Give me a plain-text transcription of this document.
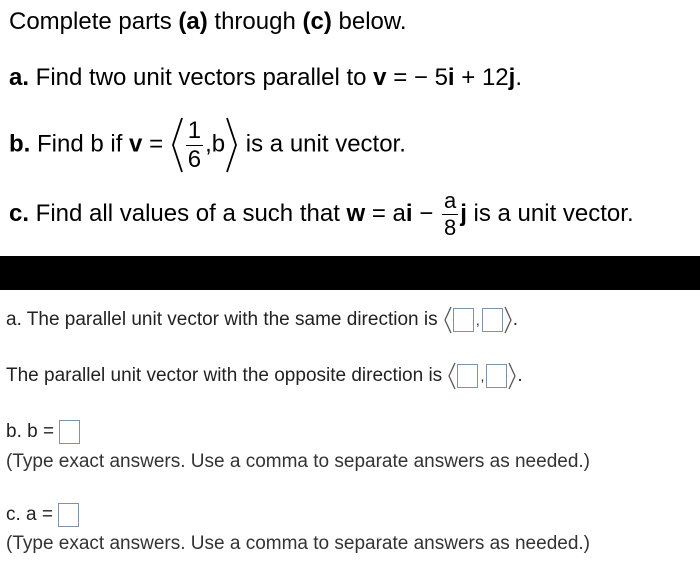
Complete parts (a) through (c) below.
a. Find two unit vectors parallel to v = − 5i + 12j.
b. Find b if $v = \frac{1}{6} ,b$ is a unit vector.
c. Find all values of a such that w = ai − $\frac{a}{8}$ j is a unit vector.
a. The parallel unit vector with the same direction is	, .
The parallel unit vector with the opposite direction is	, .
b. b =
(Type exact answers. Use a comma to separate answers as needed.)
c. a =
(Type exact answers. Use a comma to separate answers as needed.)
